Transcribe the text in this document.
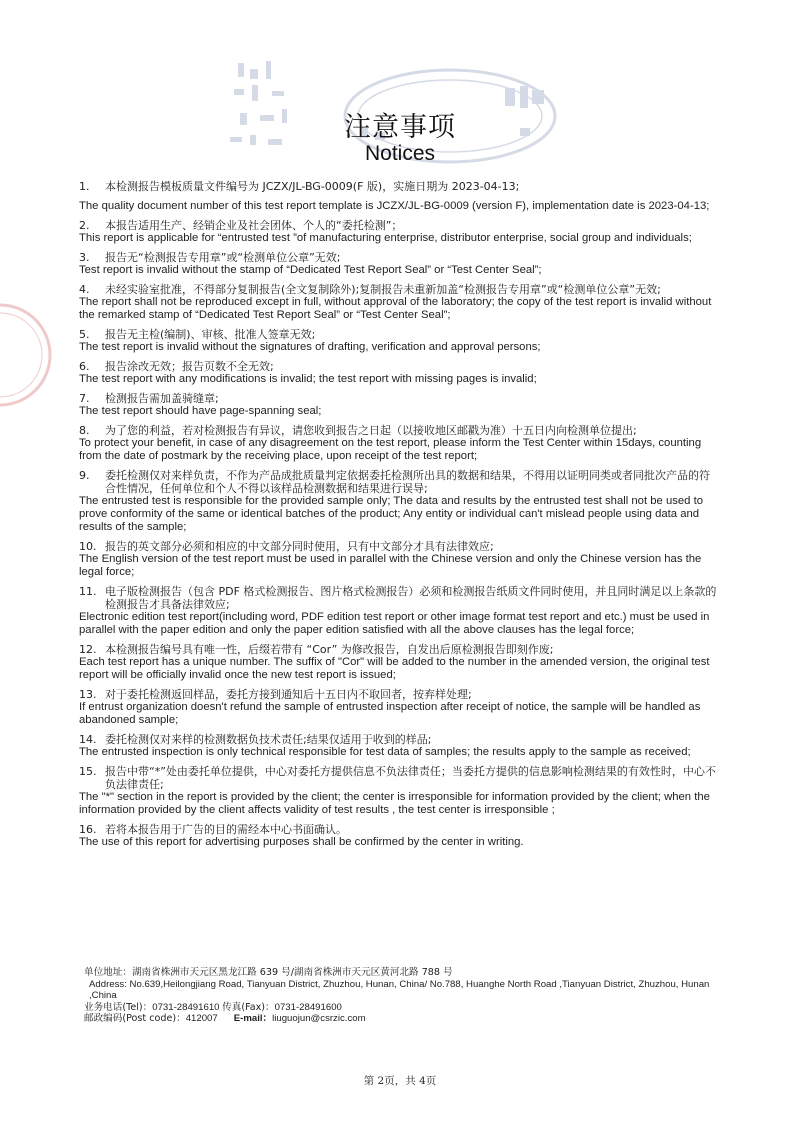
注意事项
Notices
1.	本检测报告模板质量文件编号为 JCZX/JL-BG-0009(F 版)，实施日期为 2023-04-13;
The quality document number of this test report template is JCZX/JL-BG-0009 (version F), implementation date is 2023-04-13;
2.	本报告适用生产、经销企业及社会团体、个人的“委托检测”；
This report is applicable for “entrusted test ”of manufacturing enterprise, distributor enterprise, social group and individuals;
3.	报告无“检测报告专用章”或“检测单位公章”无效;
Test report is invalid without the stamp of “Dedicated Test Report Seal” or “Test Center Seal”;
4.	未经实验室批准，不得部分复制报告(全文复制除外);复制报告未重新加盖“检测报告专用章”或“检测单位公章”无效;
The report shall not be reproduced except in full, without approval of the laboratory; the copy of the test report is invalid without the remarked stamp of “Dedicated Test Report Seal” or “Test Center Seal”;
5.	报告无主检(编制)、审核、批准人签章无效;
The test report is invalid without the signatures of drafting, verification and approval persons;
6.	报告涂改无效；报告页数不全无效;
The test report with any modifications is invalid; the test report with missing pages is invalid;
7.	检测报告需加盖骑缝章;
The test report should have page-spanning seal;
8.	为了您的利益，若对检测报告有异议，请您收到报告之日起（以接收地区邮戳为准）十五日内向检测单位提出;
To protect your benefit, in case of any disagreement on the test report, please inform the Test Center within 15days, counting from the date of postmark by the receiving place, upon receipt of the test report;
9.	委托检测仅对来样负责，不作为产品成批质量判定依据委托检测所出具的数据和结果，不得用以证明同类或者同批次产品的符合性情况，任何单位和个人不得以该样品检测数据和结果进行误导;
The entrusted test is responsible for the provided sample only; The data and results by the entrusted test shall not be used to prove conformity of the same or identical batches of the product; Any entity or individual can't mislead people using data and results of the sample;
10. 报告的英文部分必须和相应的中文部分同时使用，只有中文部分才具有法律效应;
The English version of the test report must be used in parallel with the Chinese version and only the Chinese version has the legal force;
11. 电子版检测报告（包含 PDF 格式检测报告、图片格式检测报告）必须和检测报告纸质文件同时使用，并且同时满足以上条款的检测报告才具备法律效应;
Electronic edition test report(including word, PDF edition test report or other image format test report and etc.) must be used in parallel with the paper edition and only the paper edition satisfied with all the above clauses has the legal force;
12. 本检测报告编号具有唯一性，后缀若带有 “Cor” 为修改报告，自发出后原检测报告即刻作废;
Each test report has a unique number. The suffix of "Cor" will be added to the number in the amended version, the original test report will be officially invalid once the new test report is issued;
13. 对于委托检测返回样品，委托方接到通知后十五日内不取回者，按弃样处理;
If entrust organization doesn't refund the sample of entrusted inspection after receipt of notice, the sample will be handled as abandoned sample;
14. 委托检测仅对来样的检测数据负技术责任;结果仅适用于收到的样品;
The entrusted inspection is only technical responsible for test data of samples; the results apply to the sample as received;
15. 报告中带“*”处由委托单位提供，中心对委托方提供信息不负法律责任；当委托方提供的信息影响检测结果的有效性时，中心不负法律责任;
The "*" section in the report is provided by the client; the center is irresponsible for information provided by the client; when the information provided by the client affects validity of test results , the test center is irresponsible ;
16. 若将本报告用于广告的目的需经本中心书面确认。
The use of this report for advertising purposes shall be confirmed by the center in writing.
单位地址：湖南省株洲市天元区黑龙江路 639 号/湖南省株洲市天元区黄河北路 788 号
Address: No.639,Heilongjiang Road, Tianyuan District, Zhuzhou, Hunan, China/ No.788, Huanghe North Road ,Tianyuan District, Zhuzhou, Hunan ,China
业务电话(Tel)：0731-28491610 传真(Fax)：0731-28491600
邮政编码(Post code)：412007 E-mail：liuguojun@csrzic.com
第 2页，共 4页
